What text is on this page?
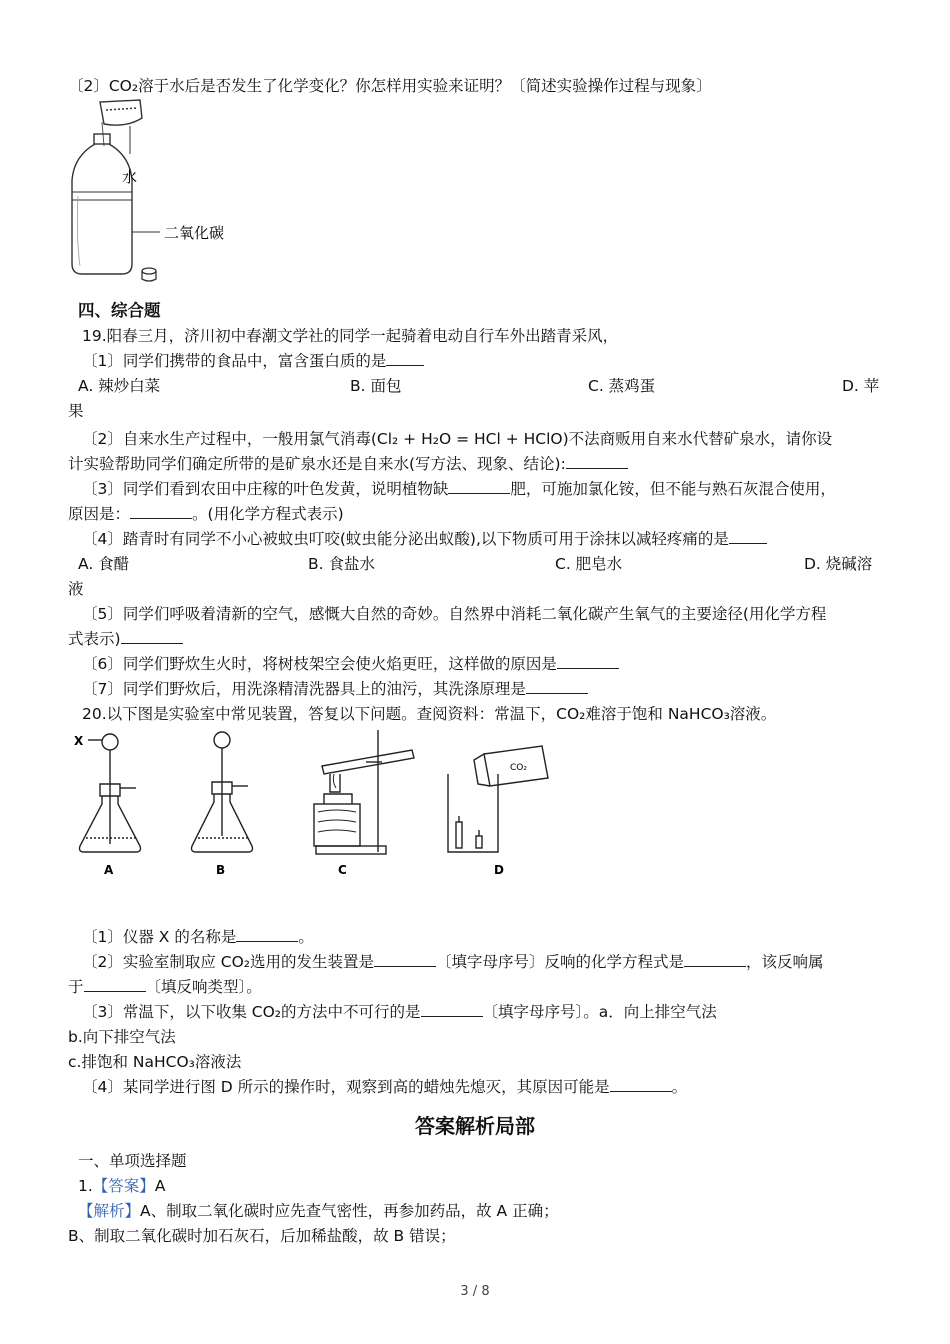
〔2〕CO₂溶于水后是否发生了化学变化？你怎样用实验来证明？〔简述实验操作过程与现象〕
水
二氧化碳
四、综合题
19.阳春三月，济川初中春潮文学社的同学一起骑着电动自行车外出踏青采风，
〔1〕同学们携带的食品中，富含蛋白质的是
A. 辣炒白菜	B. 面包	C. 蒸鸡蛋	D. 苹
果
〔2〕自来水生产过程中，一般用氯气消毒(Cl₂ + H₂O = HCl + HClO)不法商贩用自来水代替矿泉水，请你设
计实验帮助同学们确定所带的是矿泉水还是自来水(写方法、现象、结论):
〔3〕同学们看到农田中庄稼的叶色发黄，说明植物缺	肥，可施加氯化铵，但不能与熟石灰混合使用，
原因是：	。(用化学方程式表示)
〔4〕踏青时有同学不小心被蚊虫叮咬(蚊虫能分泌出蚁酸),以下物质可用于涂抹以减轻疼痛的是
A. 食醋	B. 食盐水	C. 肥皂水	D. 烧碱溶
液
〔5〕同学们呼吸着清新的空气，感慨大自然的奇妙。自然界中消耗二氧化碳产生氧气的主要途径(用化学方程
式表示)
〔6〕同学们野炊生火时，将树枝架空会使火焰更旺，这样做的原因是
〔7〕同学们野炊后，用洗涤精清洗器具上的油污，其洗涤原理是
20.以下图是实验室中常见装置，答复以下问题。查阅资料：常温下，CO₂难溶于饱和 NaHCO₃溶液。
X
CO₂
A	B	C	D
〔1〕仪器 X 的名称是	。
〔2〕实验室制取应 CO₂选用的发生装置是	〔填字母序号〕反响的化学方程式是	，该反响属
于	〔填反响类型〕。
〔3〕常温下，以下收集 CO₂的方法中不可行的是	〔填字母序号〕。a．向上排空气法
b.向下排空气法
c.排饱和 NaHCO₃溶液法
〔4〕某同学进行图 D 所示的操作时，观察到高的蜡烛先熄灭，其原因可能是	。
答案解析局部
一、单项选择题
1.【答案】A
【解析】A、制取二氧化碳时应先查气密性，再参加药品，故 A 正确；
B、制取二氧化碳时加石灰石，后加稀盐酸，故 B 错误；
3 / 8
